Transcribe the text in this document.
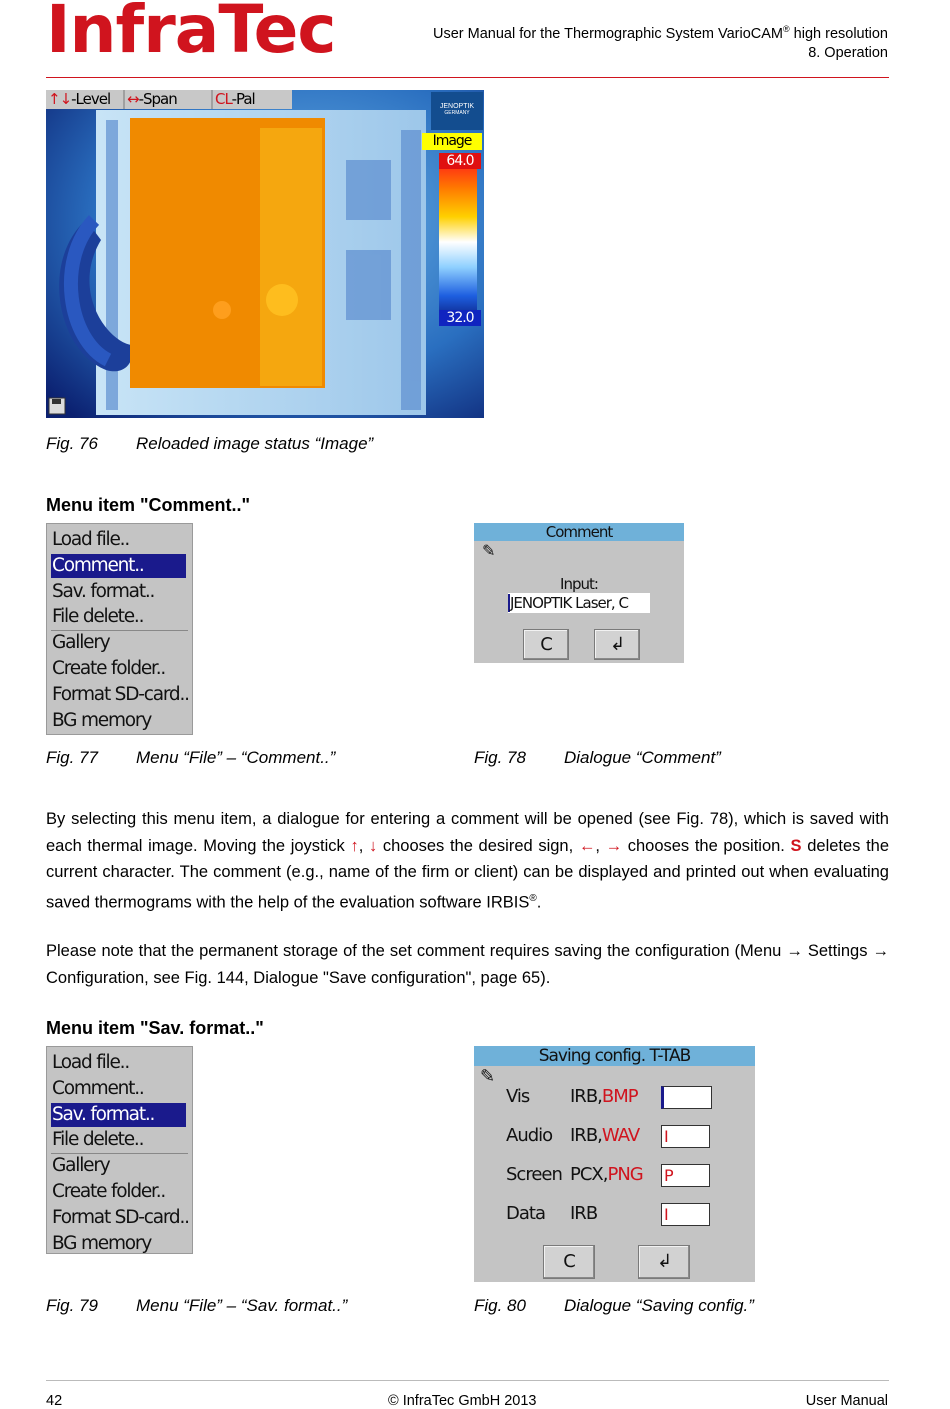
InfraTec	User Manual for the Thermographic System VarioCAM® high resolution
8. Operation
↑↓-Level ↔-Span	CL-Pal	JENOPTIK
GERMANY
Image
64.0
32.0
Fig. 76 Reloaded image status “Image”
Menu item "Comment.."
Load file..
Comment..
Sav. format..
File delete..
Gallery
Create folder..
Format SD-card..
BG memory
Comment
✎
Input:
JENOPTIK Laser, C
C	↲
Fig. 77 Menu “File” – “Comment..”	Fig. 78 Dialogue “Comment”
By selecting this menu item, a dialogue for entering a comment will be opened (see Fig. 78), which is saved with each thermal image. Moving the joystick ↑, ↓ chooses the desired sign, ←, → chooses the position. S deletes the current character. The comment (e.g., name of the firm or client) can be displayed and printed out when evaluating saved thermograms with the help of the evaluation software IRBIS®.
Please note that the permanent storage of the set comment requires saving the configuration (Menu → Settings → Configuration, see Fig. 144, Dialogue "Save configuration", page 65).
Menu item "Sav. format.."
Load file..
Comment..
Sav. format..
File delete..
Gallery
Create folder..
Format SD-card..
BG memory
Saving config. T-TAB
✎
C	↲
Vis IRB,BMP
Audio IRB,WAV I
Screen PCX,PNG P
Data IRB	I
Fig. 79 Menu “File” – “Sav. format..”	Fig. 80 Dialogue “Saving config.”
42	© InfraTec GmbH 2013	User Manual
